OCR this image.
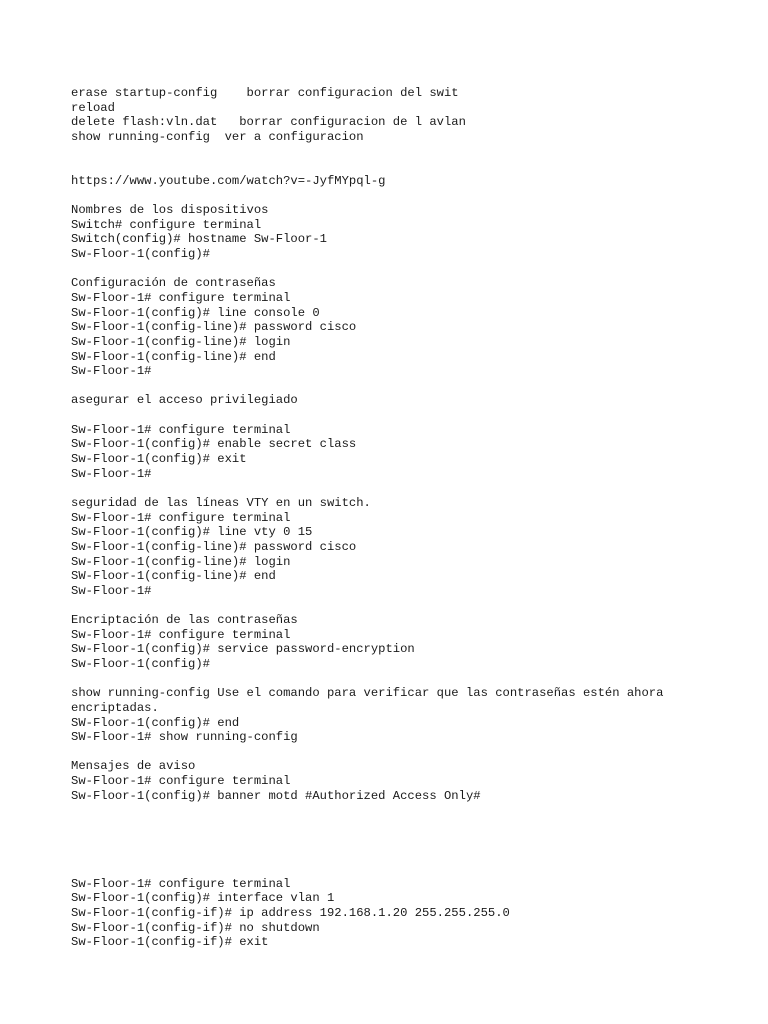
erase startup-config    borrar configuracion del swit
reload
delete flash:vln.dat   borrar configuracion de l avlan
show running-config  ver a configuracion
https://www.youtube.com/watch?v=-JyfMYpql-g
Nombres de los dispositivos
Switch# configure terminal
Switch(config)# hostname Sw-Floor-1
Sw-Floor-1(config)#
Configuración de contraseñas
Sw-Floor-1# configure terminal
Sw-Floor-1(config)# line console 0
Sw-Floor-1(config-line)# password cisco
Sw-Floor-1(config-line)# login
SW-Floor-1(config-line)# end
Sw-Floor-1#
asegurar el acceso privilegiado
Sw-Floor-1# configure terminal
Sw-Floor-1(config)# enable secret class
Sw-Floor-1(config)# exit
Sw-Floor-1#
seguridad de las líneas VTY en un switch.
Sw-Floor-1# configure terminal
Sw-Floor-1(config)# line vty 0 15
Sw-Floor-1(config-line)# password cisco
Sw-Floor-1(config-line)# login
SW-Floor-1(config-line)# end
Sw-Floor-1#
Encriptación de las contraseñas
Sw-Floor-1# configure terminal
Sw-Floor-1(config)# service password-encryption
Sw-Floor-1(config)#
show running-config Use el comando para verificar que las contraseñas estén ahora
encriptadas.
SW-Floor-1(config)# end
SW-Floor-1# show running-config
Mensajes de aviso
Sw-Floor-1# configure terminal
Sw-Floor-1(config)# banner motd #Authorized Access Only#
Sw-Floor-1# configure terminal
Sw-Floor-1(config)# interface vlan 1
Sw-Floor-1(config-if)# ip address 192.168.1.20 255.255.255.0
Sw-Floor-1(config-if)# no shutdown
Sw-Floor-1(config-if)# exit
